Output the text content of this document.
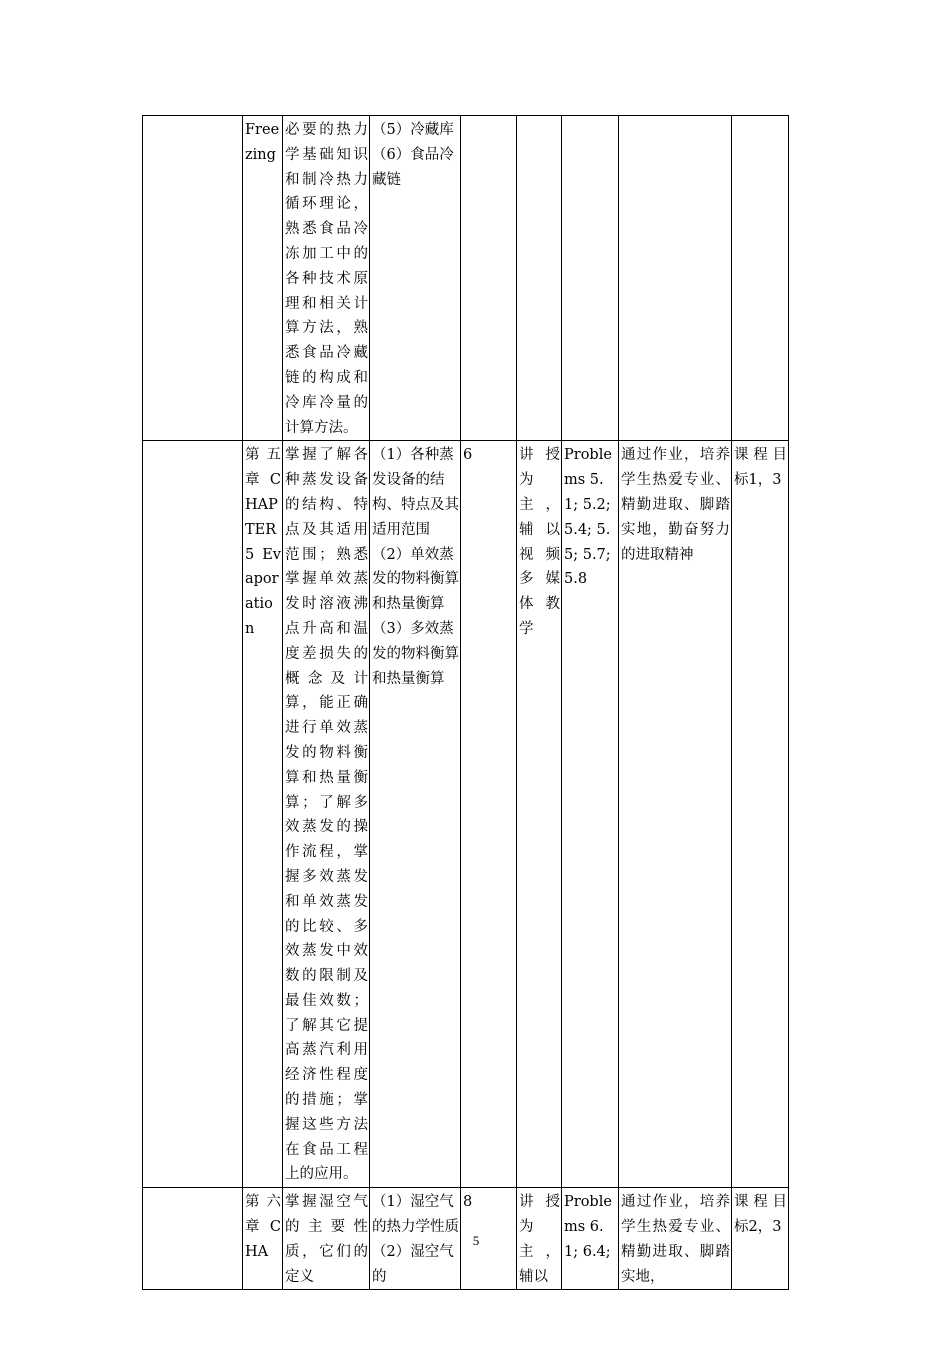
	Freezing	必要的热力学基础知识和制冷热力循环理论，熟悉食品冷冻加工中的各种技术原理和相关计算方法，熟悉食品冷藏链的构成和冷库冷量的计算方法。	（5）冷藏库
（6）食品冷藏链					
	第五章CHAPTER 5 Evaporation	掌握了解各种蒸发设备的结构、特点及其适用范围；熟悉掌握单效蒸发时溶液沸点升高和温度差损失的概念及计算，能正确进行单效蒸发的物料衡算和热量衡算；了解多效蒸发的操作流程，掌握多效蒸发和单效蒸发的比较、多效蒸发中效数的限制及最佳效数；了解其它提高蒸汽利用经济性程度的措施；掌握这些方法在食品工程上的应用。	（1）各种蒸发设备的结构、特点及其适用范围
（2）单效蒸发的物料衡算和热量衡算
（3）多效蒸发的物料衡算和热量衡算	6	讲授为主，辅以视频多媒体教学	Problems 5.1; 5.2; 5.4; 5.5; 5.7; 5.8	通过作业，培养学生热爱专业、精勤进取、脚踏实地，勤奋努力的进取精神	课程目标1，3
	第六章CHA	掌握湿空气的主要性质，它们的定义	（1）湿空气的热力学性质
（2）湿空气的	8	讲授为主，辅以	Problems 6.1; 6.4;	通过作业，培养学生热爱专业、精勤进取、脚踏实地，	课程目标2，3
5
